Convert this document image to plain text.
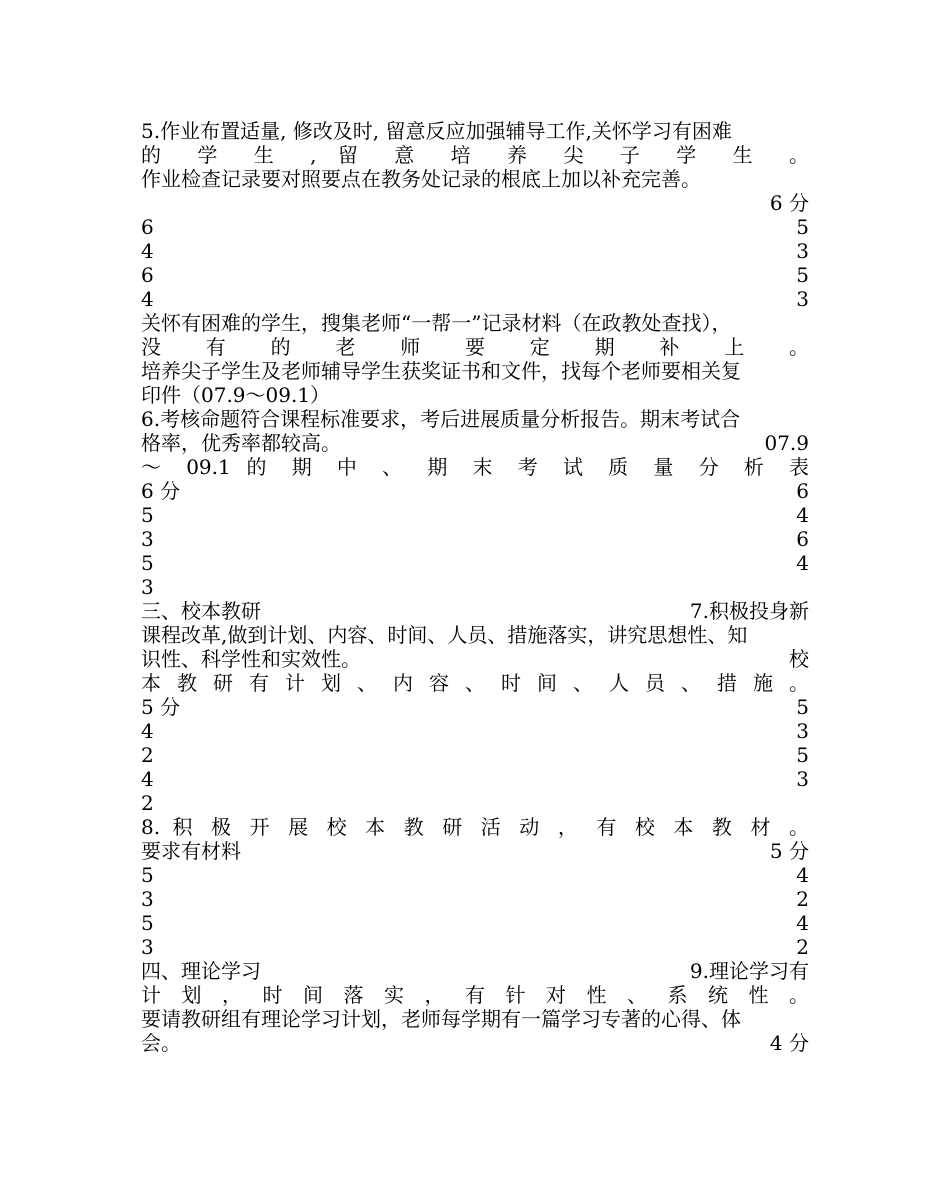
5.作业布置适量, 修改及时, 留意反应加强辅导工作,关怀学习有困难
的 学 生 , 留 意 培 养 尖 子 学 生 。
作业检查记录要对照要点在教务处记录的根底上加以补充完善。
6 分
6	5
4	3
6	5
4	3
关怀有困难的学生，搜集老师“一帮一”记录材料（在政教处查找），
没 有 的 老 师 要 定 期 补 上 。
培养尖子学生及老师辅导学生获奖证书和文件，找每个老师要相关复
印件（07.9～09.1）
6.考核命题符合课程标准要求，考后进展质量分析报告。期末考试合
格率，优秀率都较高。	07.9
～ 09.1 的 期 中 、 期 末 考 试 质 量 分 析 表
6 分	6
5	4
3	6
5	4
3
三、校本教研	7.积极投身新
课程改革,做到计划、内容、时间、人员、措施落实，讲究思想性、知
识性、科学性和实效性。	校
本 教 研 有 计 划 、 内 容 、 时 间 、 人 员 、 措 施 。
5 分	5
4	3
2	5
4	3
2
8. 积 极 开 展 校 本 教 研 活 动 ， 有 校 本 教 材 。
要求有材料	5 分
5	4
3	2
5	4
3	2
四、理论学习	9.理论学习有
计 划 ， 时 间 落 实 ， 有 针 对 性 、 系 统 性 。
要请教研组有理论学习计划，老师每学期有一篇学习专著的心得、体
会。	4 分
